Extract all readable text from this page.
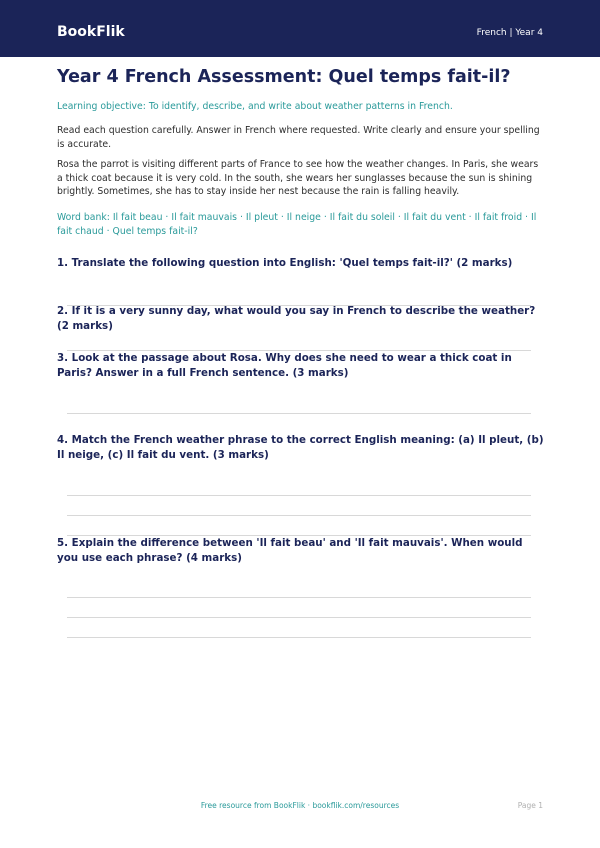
BookFlik	French | Year 4
Year 4 French Assessment: Quel temps fait-il?

Learning objective: To identify, describe, and write about weather patterns in French.

Read each question carefully. Answer in French where requested. Write clearly and ensure your spelling is accurate.

Rosa the parrot is visiting different parts of France to see how the weather changes. In Paris, she wears a thick coat because it is very cold. In the south, she wears her sunglasses because the sun is shining brightly. Sometimes, she has to stay inside her nest because the rain is falling heavily.

Word bank: Il fait beau · Il fait mauvais · Il pleut · Il neige · Il fait du soleil · Il fait du vent · Il fait froid · Il fait chaud · Quel temps fait-il?

1. Translate the following question into English: 'Quel temps fait-il?' (2 marks)

2. If it is a very sunny day, what would you say in French to describe the weather? (2 marks)

3. Look at the passage about Rosa. Why does she need to wear a thick coat in Paris? Answer in a full French sentence. (3 marks)

4. Match the French weather phrase to the correct English meaning: (a) Il pleut, (b) Il neige, (c) Il fait du vent. (3 marks)

5. Explain the difference between 'Il fait beau' and 'Il fait mauvais'. When would you use each phrase? (4 marks)

Free resource from BookFlik · bookflik.com/resources	Page 1
